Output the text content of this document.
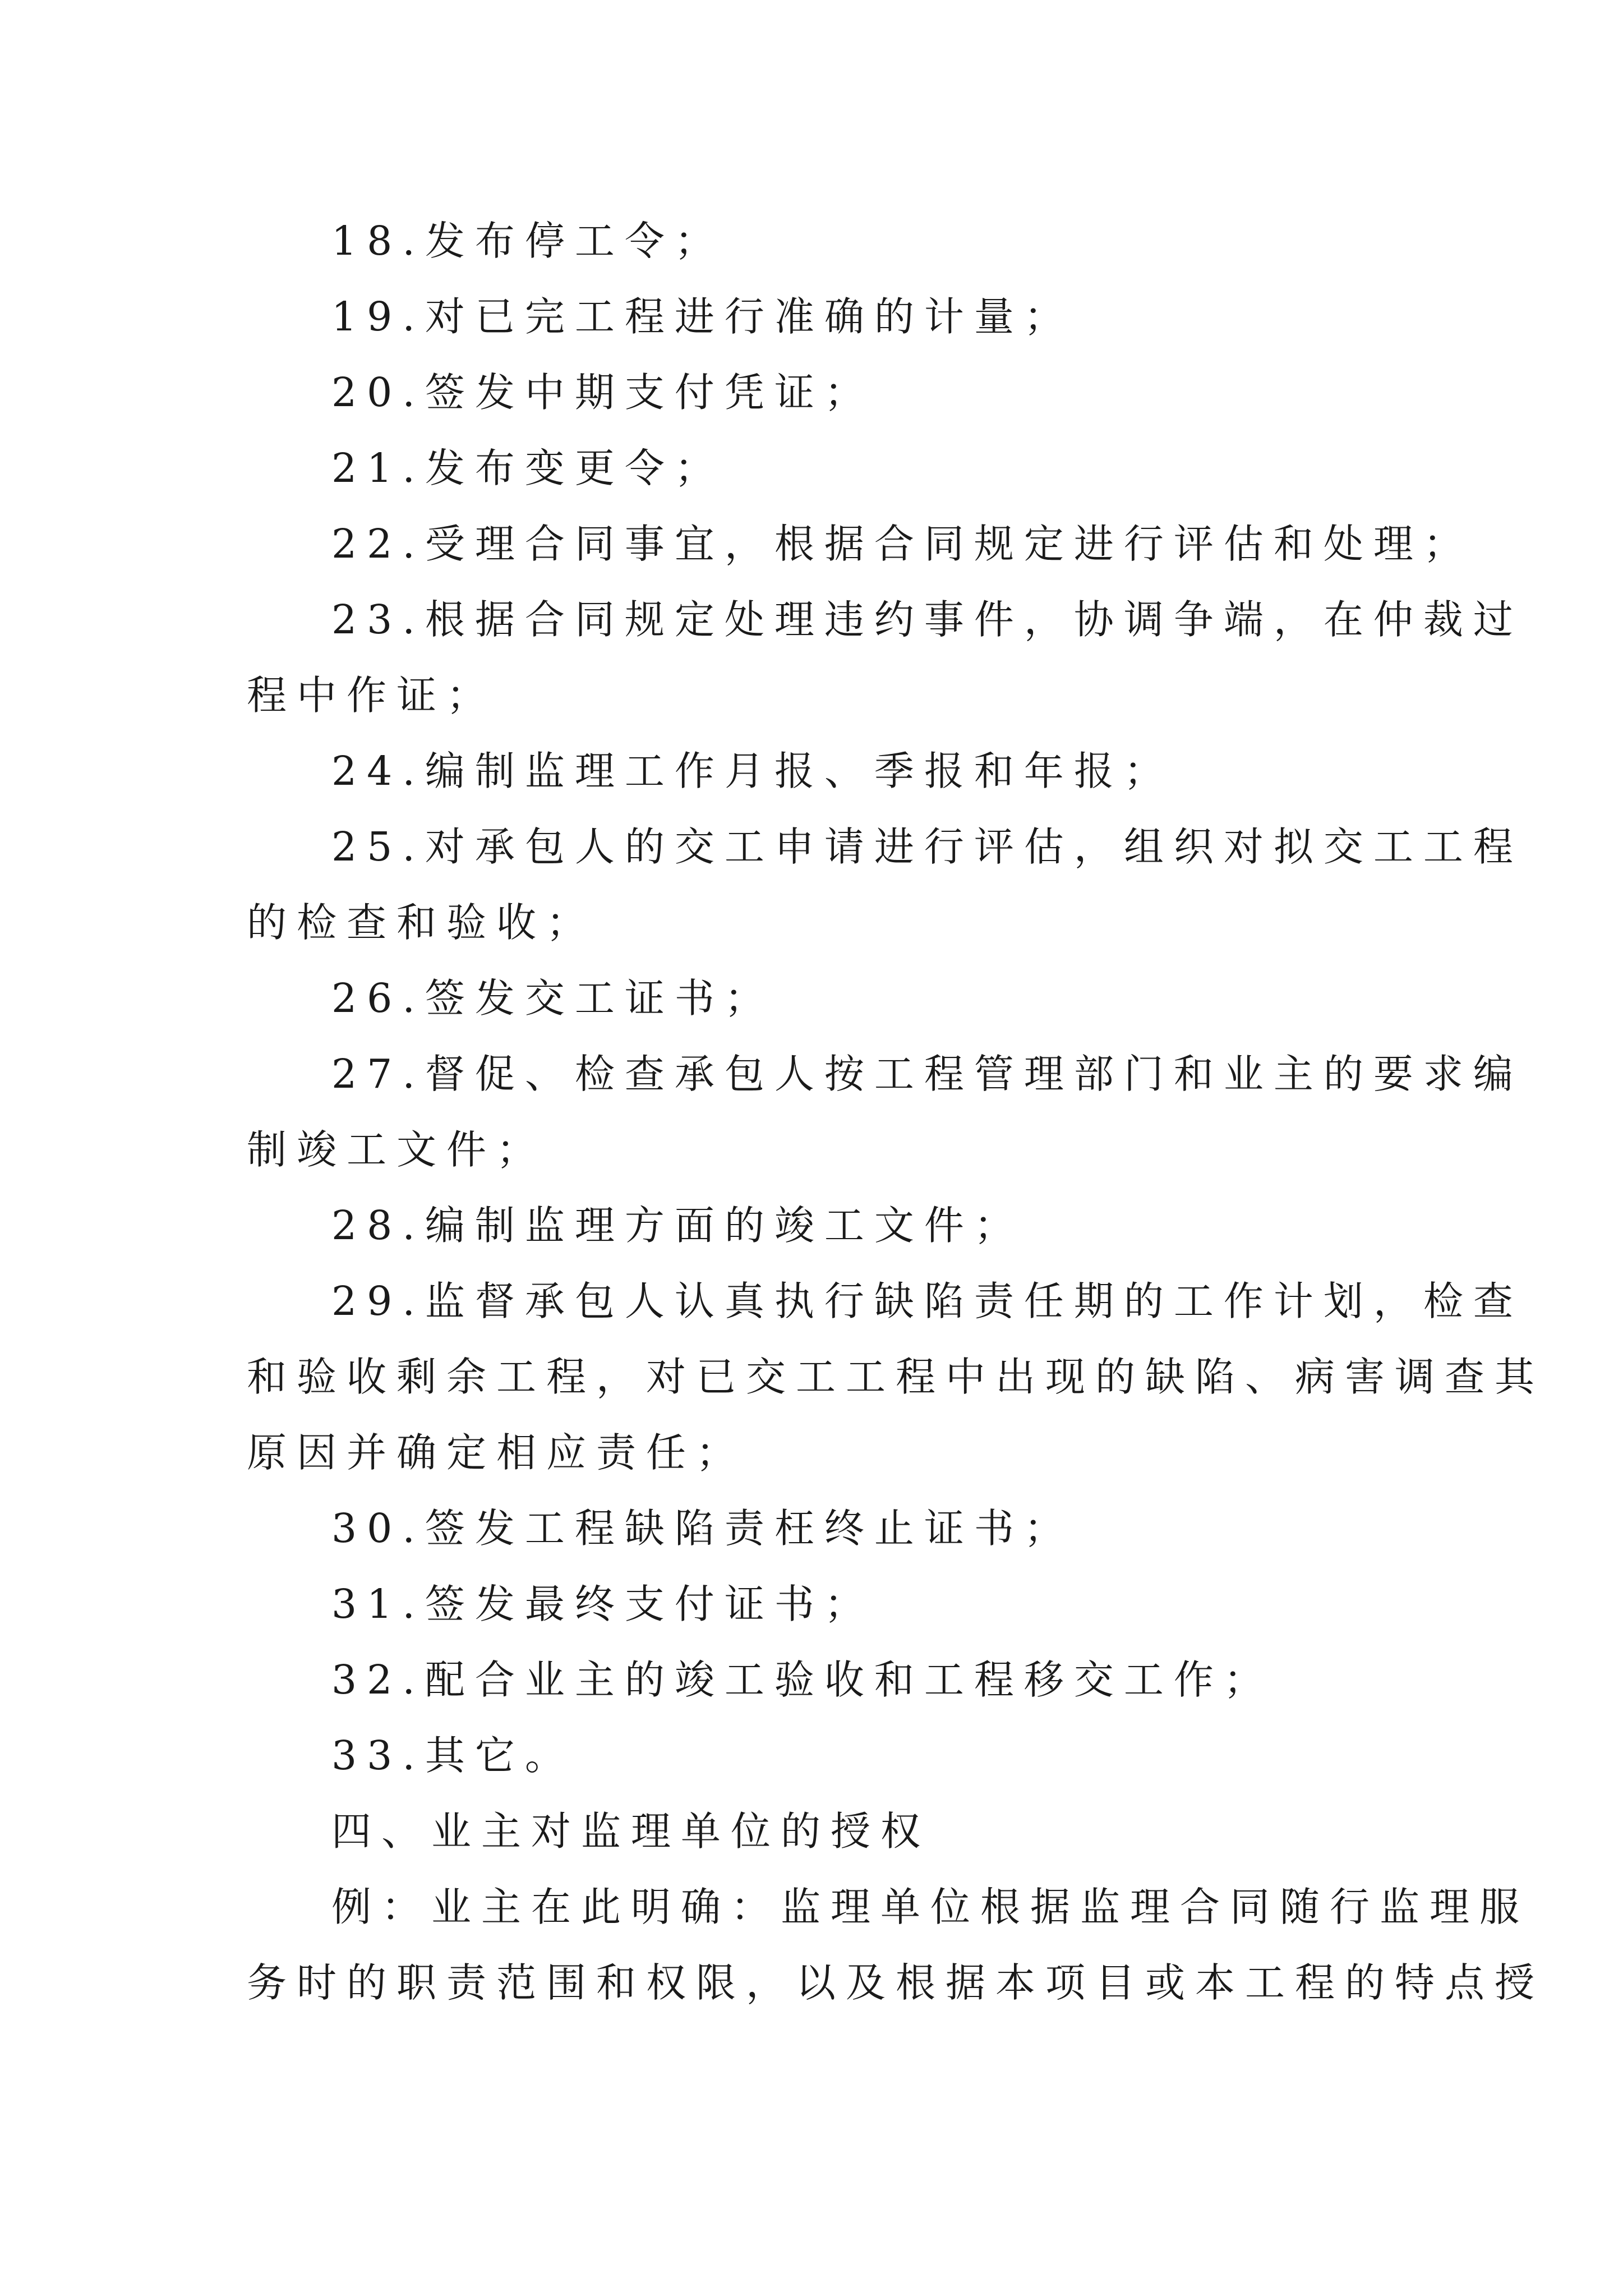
18.发布停工令；
19.对已完工程进行准确的计量；
20.签发中期支付凭证；
21.发布变更令；
22.受理合同事宜，根据合同规定进行评估和处理；
23.根据合同规定处理违约事件，协调争端，在仲裁过
程中作证；
24.编制监理工作月报、季报和年报；
25.对承包人的交工申请进行评估，组织对拟交工工程
的检查和验收；
26.签发交工证书；
27.督促、检查承包人按工程管理部门和业主的要求编
制竣工文件；
28.编制监理方面的竣工文件；
29.监督承包人认真执行缺陷责任期的工作计划，检查
和验收剩余工程，对已交工工程中出现的缺陷、病害调查其
原因并确定相应责任；
30.签发工程缺陷责枉终止证书；
31.签发最终支付证书；
32.配合业主的竣工验收和工程移交工作；
33.其它。
四、业主对监理单位的授权
例：业主在此明确：监理单位根据监理合同随行监理服
务时的职责范围和权限，以及根据本项目或本工程的特点授
